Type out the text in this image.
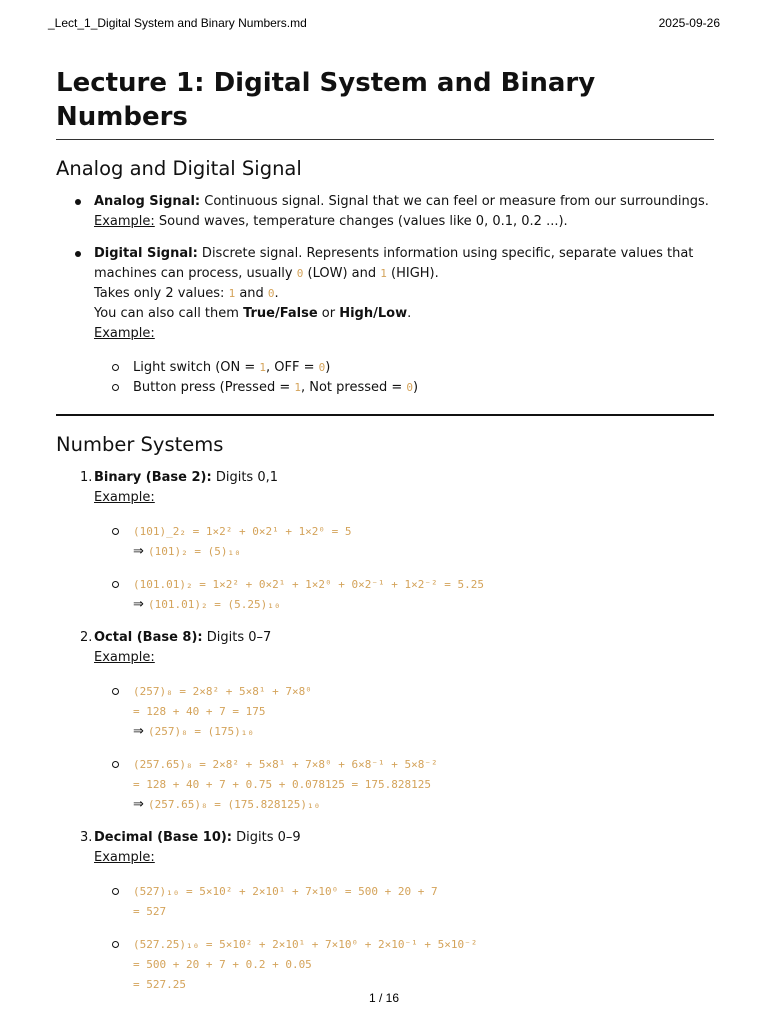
_Lect_1_Digital System and Binary Numbers.md	2025-09-26
Lecture 1: Digital System and Binary Numbers
Analog and Digital Signal
Analog Signal: Continuous signal. Signal that we can feel or measure from our surroundings.
Example: Sound waves, temperature changes (values like 0, 0.1, 0.2 ...).
Digital Signal: Discrete signal. Represents information using specific, separate values that machines can process, usually 0 (LOW) and 1 (HIGH).
Takes only 2 values: 1 and 0.
You can also call them True/False or High/Low.
Example:
Light switch (ON = 1, OFF = 0)
Button press (Pressed = 1, Not pressed = 0)
Number Systems
1. Binary (Base 2): Digits 0,1
Example:
(101)_2₂ = 1×2² + 0×2¹ + 1×2⁰ = 5
⇒ (101)₂ = (5)₁₀
(101.01)₂ = 1×2² + 0×2¹ + 1×2⁰ + 0×2⁻¹ + 1×2⁻² = 5.25
⇒ (101.01)₂ = (5.25)₁₀
2. Octal (Base 8): Digits 0–7
Example:
(257)₈ = 2×8² + 5×8¹ + 7×8⁰
= 128 + 40 + 7 = 175
⇒ (257)₈ = (175)₁₀
(257.65)₈ = 2×8² + 5×8¹ + 7×8⁰ + 6×8⁻¹ + 5×8⁻²
= 128 + 40 + 7 + 0.75 + 0.078125 = 175.828125
⇒ (257.65)₈ = (175.828125)₁₀
3. Decimal (Base 10): Digits 0–9
Example:
(527)₁₀ = 5×10² + 2×10¹ + 7×10⁰ = 500 + 20 + 7
= 527
(527.25)₁₀ = 5×10² + 2×10¹ + 7×10⁰ + 2×10⁻¹ + 5×10⁻²
= 500 + 20 + 7 + 0.2 + 0.05
= 527.25
1 / 16
